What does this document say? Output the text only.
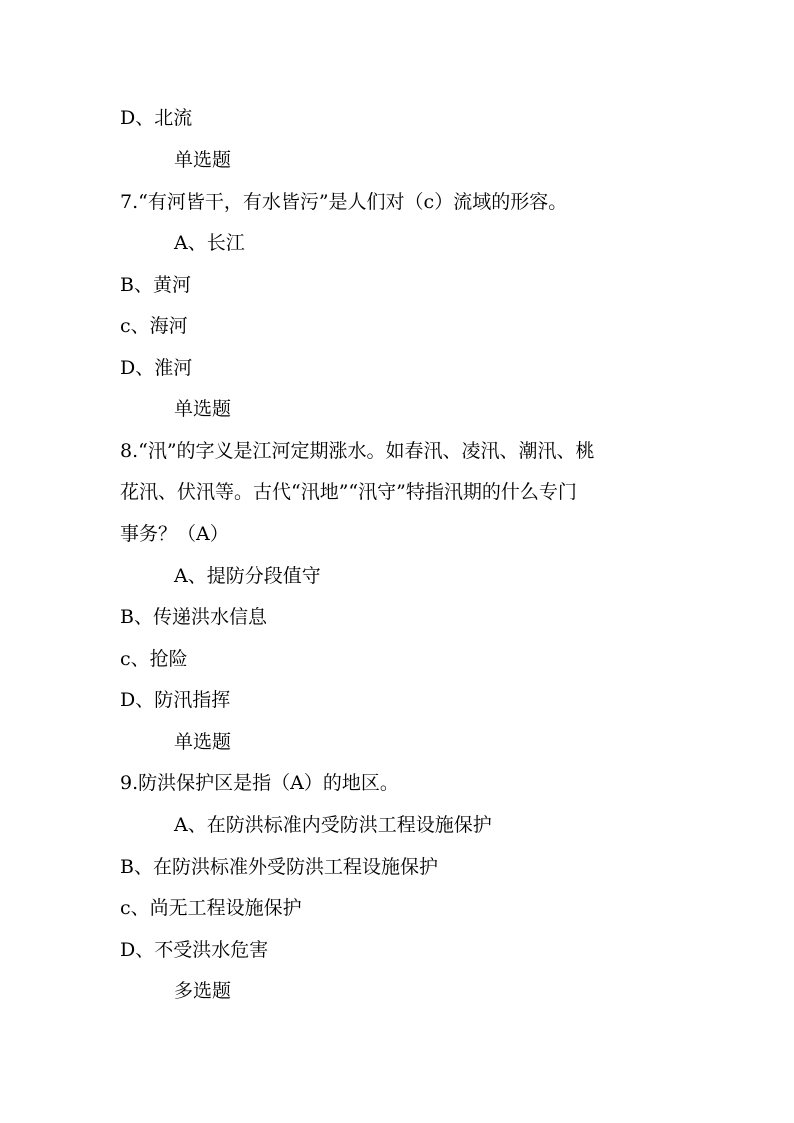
D、北流
单选题
7.“有河皆干，有水皆污”是人们对（c）流域的形容。
A、长江
B、黄河
c、海河
D、淮河
单选题
8.“汛”的字义是江河定期涨水。如春汛、凌汛、潮汛、桃
花汛、伏汛等。古代“汛地”“汛守”特指汛期的什么专门
事务？（A）
A、提防分段值守
B、传递洪水信息
c、抢险
D、防汛指挥
单选题
9.防洪保护区是指（A）的地区。
A、在防洪标准内受防洪工程设施保护
B、在防洪标准外受防洪工程设施保护
c、尚无工程设施保护
D、不受洪水危害
多选题
